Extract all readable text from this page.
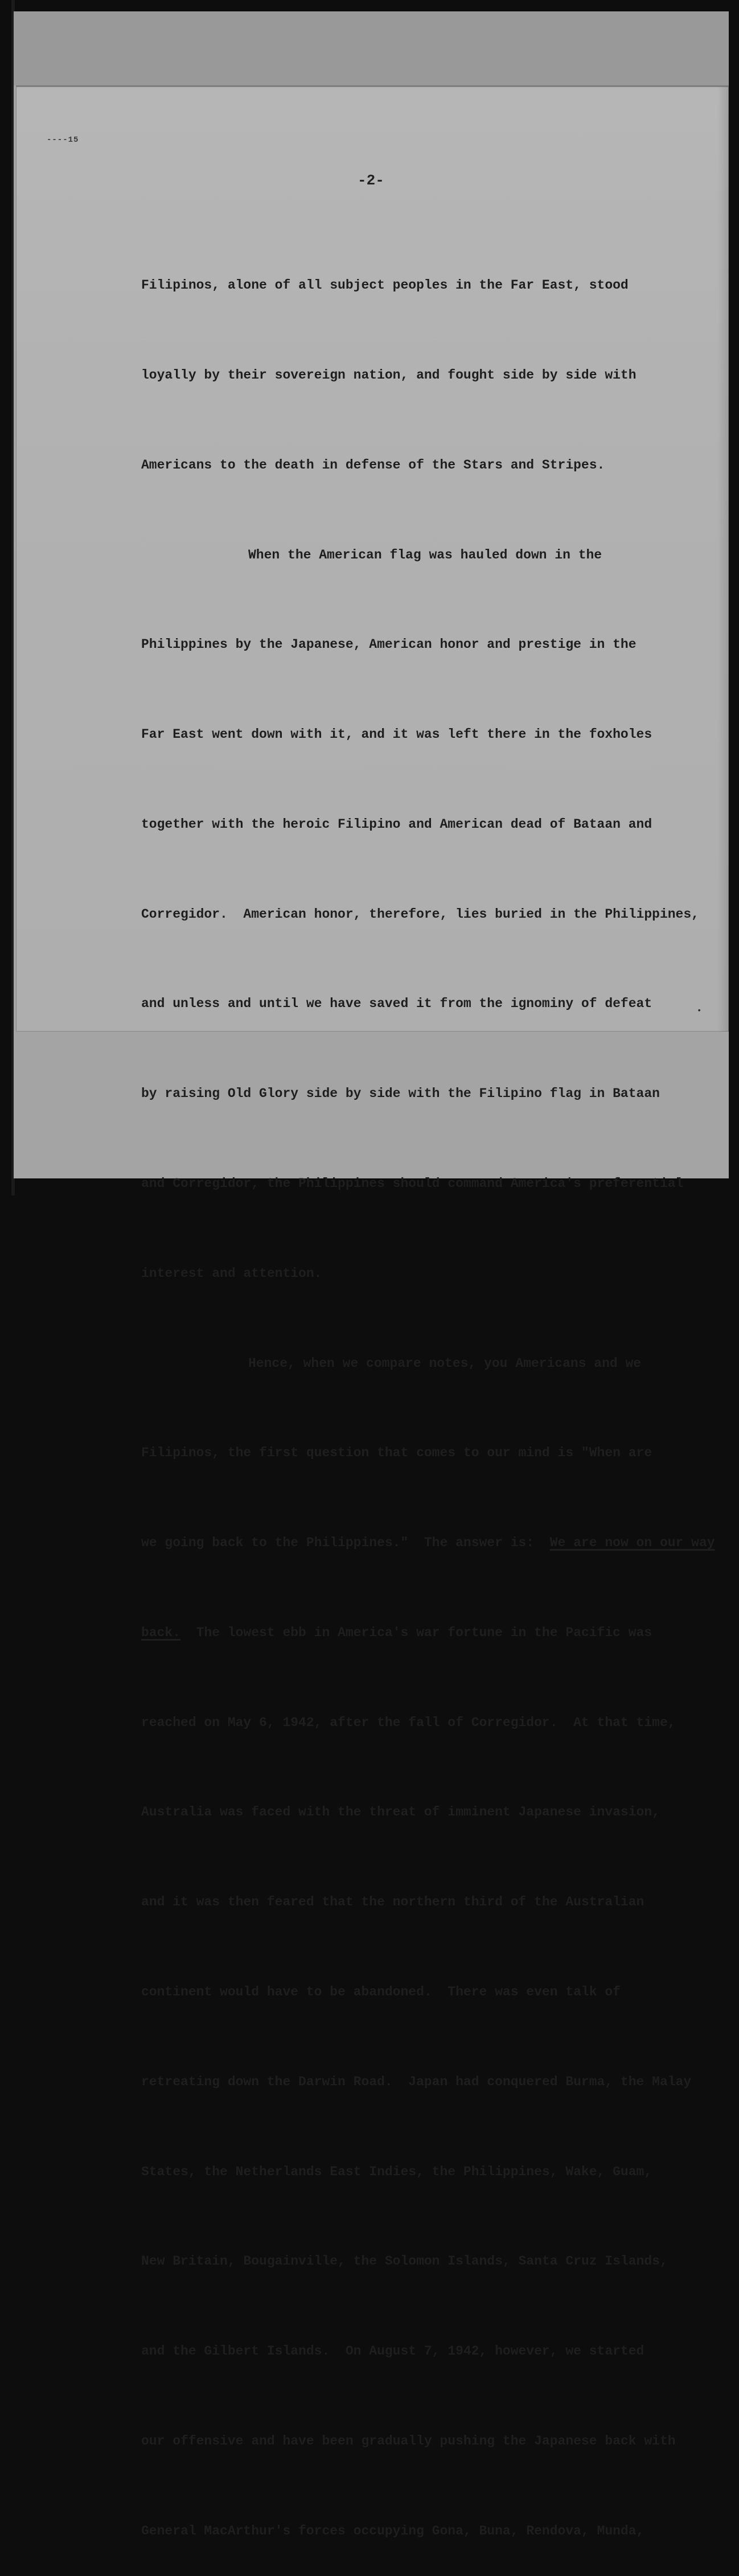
----15
-2-

Filipinos, alone of all subject peoples in the Far East, stood

loyally by their sovereign nation, and fought side by side with

Americans to the death in defense of the Stars and Stripes.

When the American flag was hauled down in the

Philippines by the Japanese, American honor and prestige in the

Far East went down with it, and it was left there in the foxholes

together with the heroic Filipino and American dead of Bataan and

Corregidor.  American honor, therefore, lies buried in the Philippines,

and unless and until we have saved it from the ignominy of defeat

by raising Old Glory side by side with the Filipino flag in Bataan

and Corregidor, the Philippines should command America's preferential

interest and attention.

Hence, when we compare notes, you Americans and we

Filipinos, the first question that comes to our mind is "When are

we going back to the Philippines."  The answer is:  We are now on our way

back.  The lowest ebb in America's war fortune in the Pacific was

reached on May 6, 1942, after the fall of Corregidor.  At that time,

Australia was faced with the threat of imminent Japanese invasion,

and it was then feared that the northern third of the Australian

continent would have to be abandoned.  There was even talk of

retreating down the Darwin Road.  Japan had conquered Burma, the Malay

States, the Netherlands East Indies, the Philippines, Wake, Guam,

New Britain, Bougainville, the Solomon Islands, Santa Cruz Islands,

and the Gilbert Islands.  On August 7, 1942, however, we started

our offensive and have been gradually pushing the Japanese back with

General MacArthur's forces occupying Gona, Buna, Rendova, Munda,

•
